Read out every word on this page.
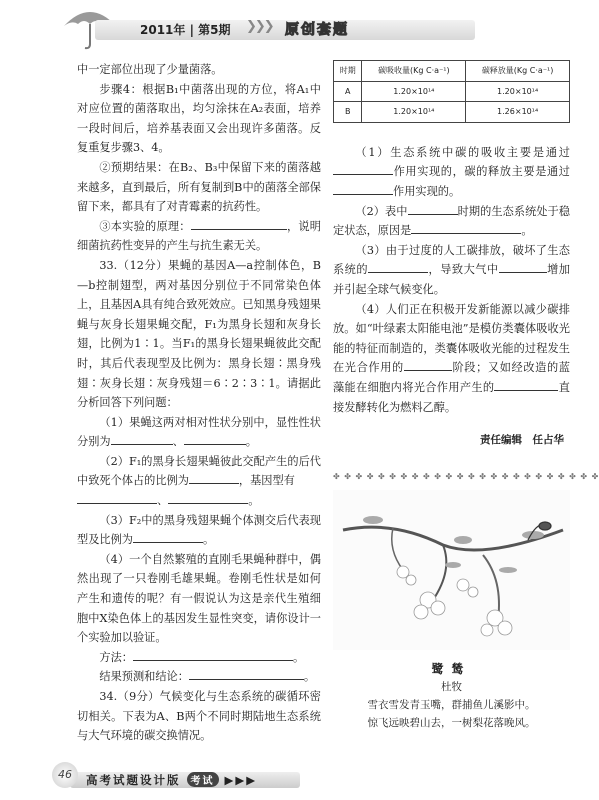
2011年 | 第5期 ❯❯❯ 原创套题

中一定部位出现了少量菌落。

步骤4：根据B₁中菌落出现的方位，将A₁中对应位置的菌落取出，均匀涂抹在A₂表面，培养一段时间后，培养基表面又会出现许多菌落。反复重复步骤3、4。

②预期结果：在B₂、B₃中保留下来的菌落越来越多，直到最后，所有复制到B中的菌落全部保留下来，都具有了对青霉素的抗药性。

③本实验的原理：	，说明细菌抗药性变异的产生与抗生素无关。

33.（12分）果蝇的基因A—a控制体色，B—b控制翅型，两对基因分别位于不同常染色体上，且基因A具有纯合致死效应。已知黑身残翅果蝇与灰身长翅果蝇交配，F₁为黑身长翅和灰身长翅，比例为1∶1。当F₁的黑身长翅果蝇彼此交配时，其后代表现型及比例为：黑身长翅∶黑身残翅∶灰身长翅∶灰身残翅＝6∶2∶3∶1。请据此分析回答下列问题：

（1）果蝇这两对相对性状分别中，显性性状分别为	、	。

（2）F₁的黑身长翅果蝇彼此交配产生的后代中致死个体占的比例为	，基因型有
、	。

（3）F₂中的黑身残翅果蝇个体测交后代表现型及比例为	。

（4）一个自然繁殖的直刚毛果蝇种群中，偶然出现了一只卷刚毛雄果蝇。卷刚毛性状是如何产生和遗传的呢？有一假说认为这是亲代生殖细胞中X染色体上的基因发生显性突变，请你设计一个实验加以验证。

方法：	。

结果预测和结论：	。

34.（9分）气候变化与生态系统的碳循环密切相关。下表为A、B两个不同时期陆地生态系统与大气环境的碳交换情况。

时期	碳吸收量(Kg C·a⁻¹)	碳释放量(Kg C·a⁻¹)
A	1.20×10¹⁴	1.20×10¹⁴
B	1.20×10¹⁴	1.26×10¹⁴

（1）生态系统中碳的吸收主要是通过作用实现的，碳的释放主要是通过作用实现的。

（2）表中	时期的生态系统处于稳定状态，原因是	。

（3）由于过度的人工碳排放，破坏了生态系统的	，导致大气中	增加并引起全球气候变化。

（4）人们正在积极开发新能源以减少碳排放。如“叶绿素太阳能电池”是模仿类囊体吸收光能的特征而制造的，类囊体吸收光能的过程发生在光合作用的	阶段；又如经改造的蓝藻能在细胞内将光合作用产生的	直接发酵转化为燃料乙醇。

责任编辑　任占华
✤ ✤ ✤ ✤ ✤ ✤ ✤ ✤ ✤ ✤ ✤ ✤ ✤ ✤ ✤ ✤ ✤ ✤ ✤ ✤ ✤ ✤ ✤ ✤
鹭鸶
杜牧
雪衣雪发青玉嘴，群捕鱼儿溪影中。
惊飞远映碧山去，一树梨花落晚风。
46	高考试题设计版 考试 ▶▶▶
